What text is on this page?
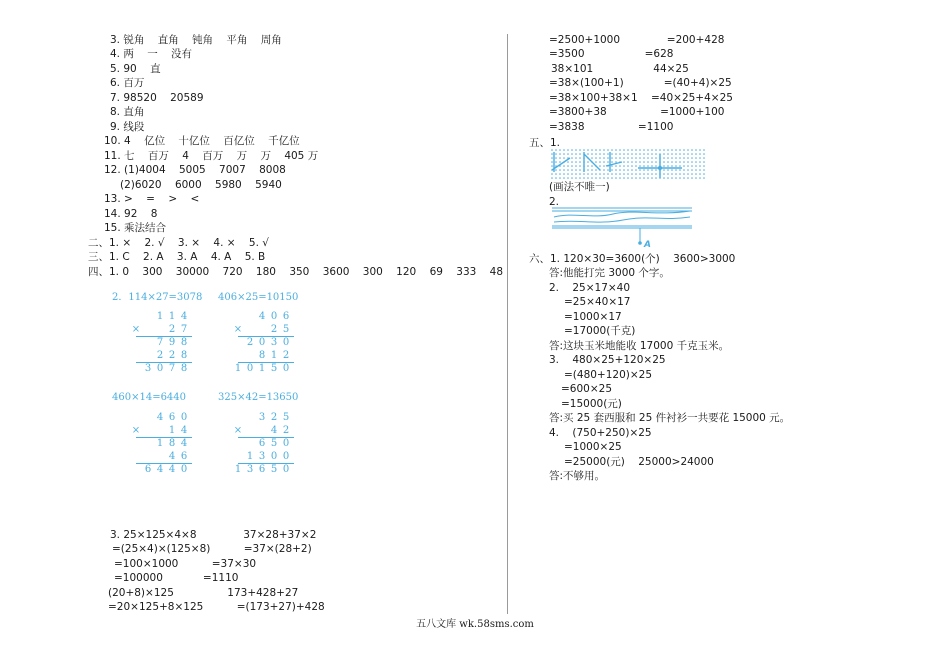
3. 锐角    直角    钝角    平角    周角
4. 两    一    没有
5. 90    直
6. 百万
7. 98520    20589
8. 直角
9. 线段
10. 4    亿位    十亿位    百亿位    千亿位
11. 七    百万    4    百万    万    万    405 万
12. (1)4004    5005    7007    8008
(2)6020    6000    5980    5940
13. >    =    >    <
14. 92    8
15. 乘法结合
二、1. ×    2. √    3. ×    4. ×    5. √
三、1. C    2. A    3. A    4. A    5. B
四、1. 0    300    30000    720    180    350    3600    300    120    69    333    48
2．114×27=3078 406×25=10150
460×14=6440	325×42=13650
1 1 4
×	2 7
7 9 8
2 2 8
3 0 7 8
4 0 6
×	2 5
2 0 3 0
8 1 2
1 0 1 5 0
4 6 0
×	1 4
1 8 4
4 6
6 4 4 0
3 2 5
×	4 2
6 5 0
1 3 0 0
1 3 6 5 0
3. 25×125×4×8              37×28+37×2
=(25×4)×(125×8)          =37×(28+2)
=100×1000          =37×30
=100000            =1110
(20+8)×125                173+428+27
=20×125+8×125          =(173+27)+428
=2500+1000              =200+428
=3500                  =628
38×101                  44×25
=38×(100+1)            =(40+4)×25
=38×100+38×1    =40×25+4×25
=3800+38                =1000+100
=3838                =1100
五、1.
(画法不唯一)
2.
A
六、1. 120×30=3600(个)    3600>3000
答:他能打完 3000 个字。
2.    25×17×40
=25×40×17
=1000×17
=17000(千克)
答:这块玉米地能收 17000 千克玉米。
3.    480×25+120×25
=(480+120)×25
=600×25
=15000(元)
答:买 25 套西服和 25 件衬衫一共要花 15000 元。
4.    (750+250)×25
=1000×25
=25000(元)    25000>24000
答:不够用。
五八文库 wk.58sms.com
